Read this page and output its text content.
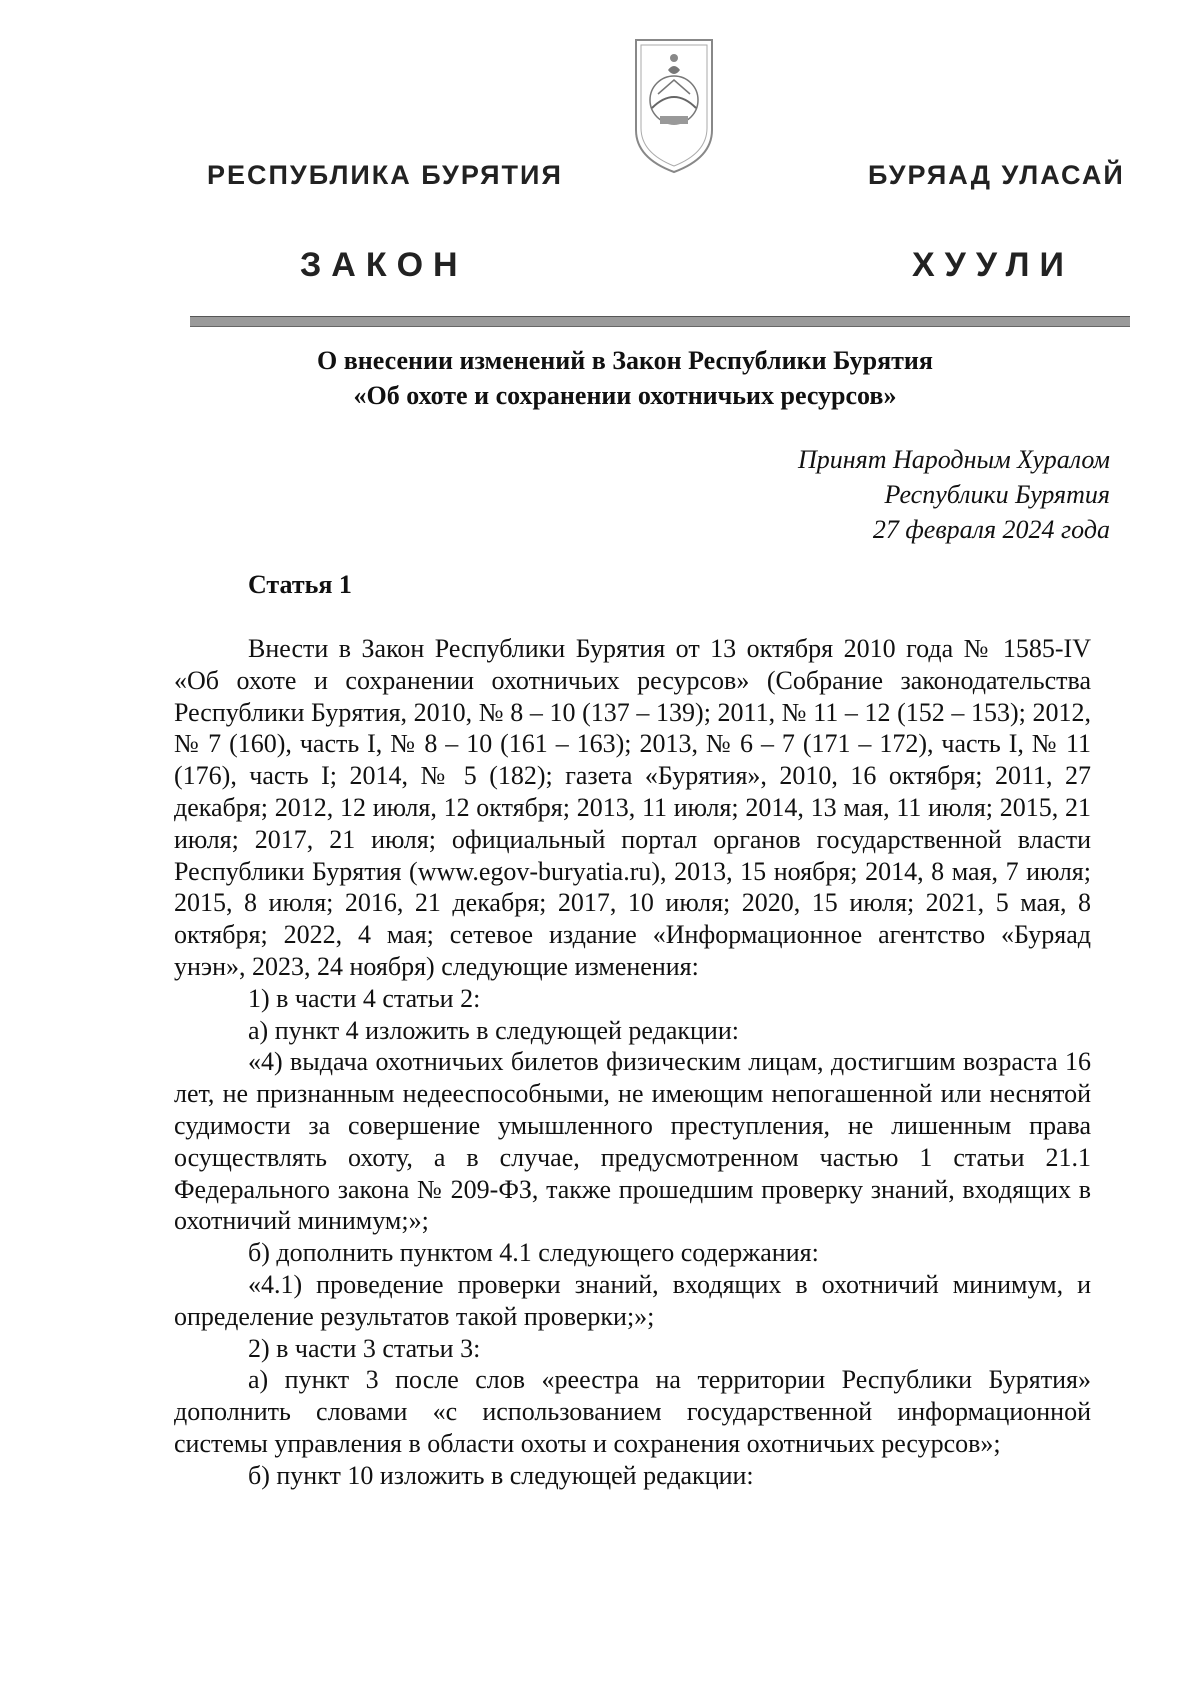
РЕСПУБЛИКА БУРЯТИЯ	БУРЯАД УЛАСАЙ
ЗАКОН	ХУУЛИ
О внесении изменений в Закон Республики Бурятия
«Об охоте и сохранении охотничьих ресурсов»
Принят Народным Хуралом
Республики Бурятия
27 февраля 2024 года
Статья 1

Внести в Закон Республики Бурятия от 13 октября 2010 года № 1585-IV «Об охоте и сохранении охотничьих ресурсов» (Собрание законодательства Республики Бурятия, 2010, № 8 – 10 (137 – 139); 2011, № 11 – 12 (152 – 153); 2012, № 7 (160), часть I, № 8 – 10 (161 – 163); 2013, № 6 – 7 (171 – 172), часть I, № 11 (176), часть I; 2014, № 5 (182); газета «Бурятия», 2010, 16 октября; 2011, 27 декабря; 2012, 12 июля, 12 октября; 2013, 11 июля; 2014, 13 мая, 11 июля; 2015, 21 июля; 2017, 21 июля; официальный портал органов государственной власти Республики Бурятия (www.egov-buryatia.ru), 2013, 15 ноября; 2014, 8 мая, 7 июля; 2015, 8 июля; 2016, 21 декабря; 2017, 10 июля; 2020, 15 июля; 2021, 5 мая, 8 октября; 2022, 4 мая; сетевое издание «Информационное агентство «Буряад унэн», 2023, 24 ноября) следующие изменения:

1) в части 4 статьи 2:

а) пункт 4 изложить в следующей редакции:

«4) выдача охотничьих билетов физическим лицам, достигшим возраста 16 лет, не признанным недееспособными, не имеющим непогашенной или неснятой судимости за совершение умышленного преступления, не лишенным права осуществлять охоту, а в случае, предусмотренном частью 1 статьи 21.1 Федерального закона № 209-ФЗ, также прошедшим проверку знаний, входящих в охотничий минимум;»;

б) дополнить пунктом 4.1 следующего содержания:

«4.1) проведение проверки знаний, входящих в охотничий минимум, и определение результатов такой проверки;»;

2) в части 3 статьи 3:

а) пункт 3 после слов «реестра на территории Республики Бурятия» дополнить словами «с использованием государственной информационной системы управления в области охоты и сохранения охотничьих ресурсов»;

б) пункт 10 изложить в следующей редакции:
